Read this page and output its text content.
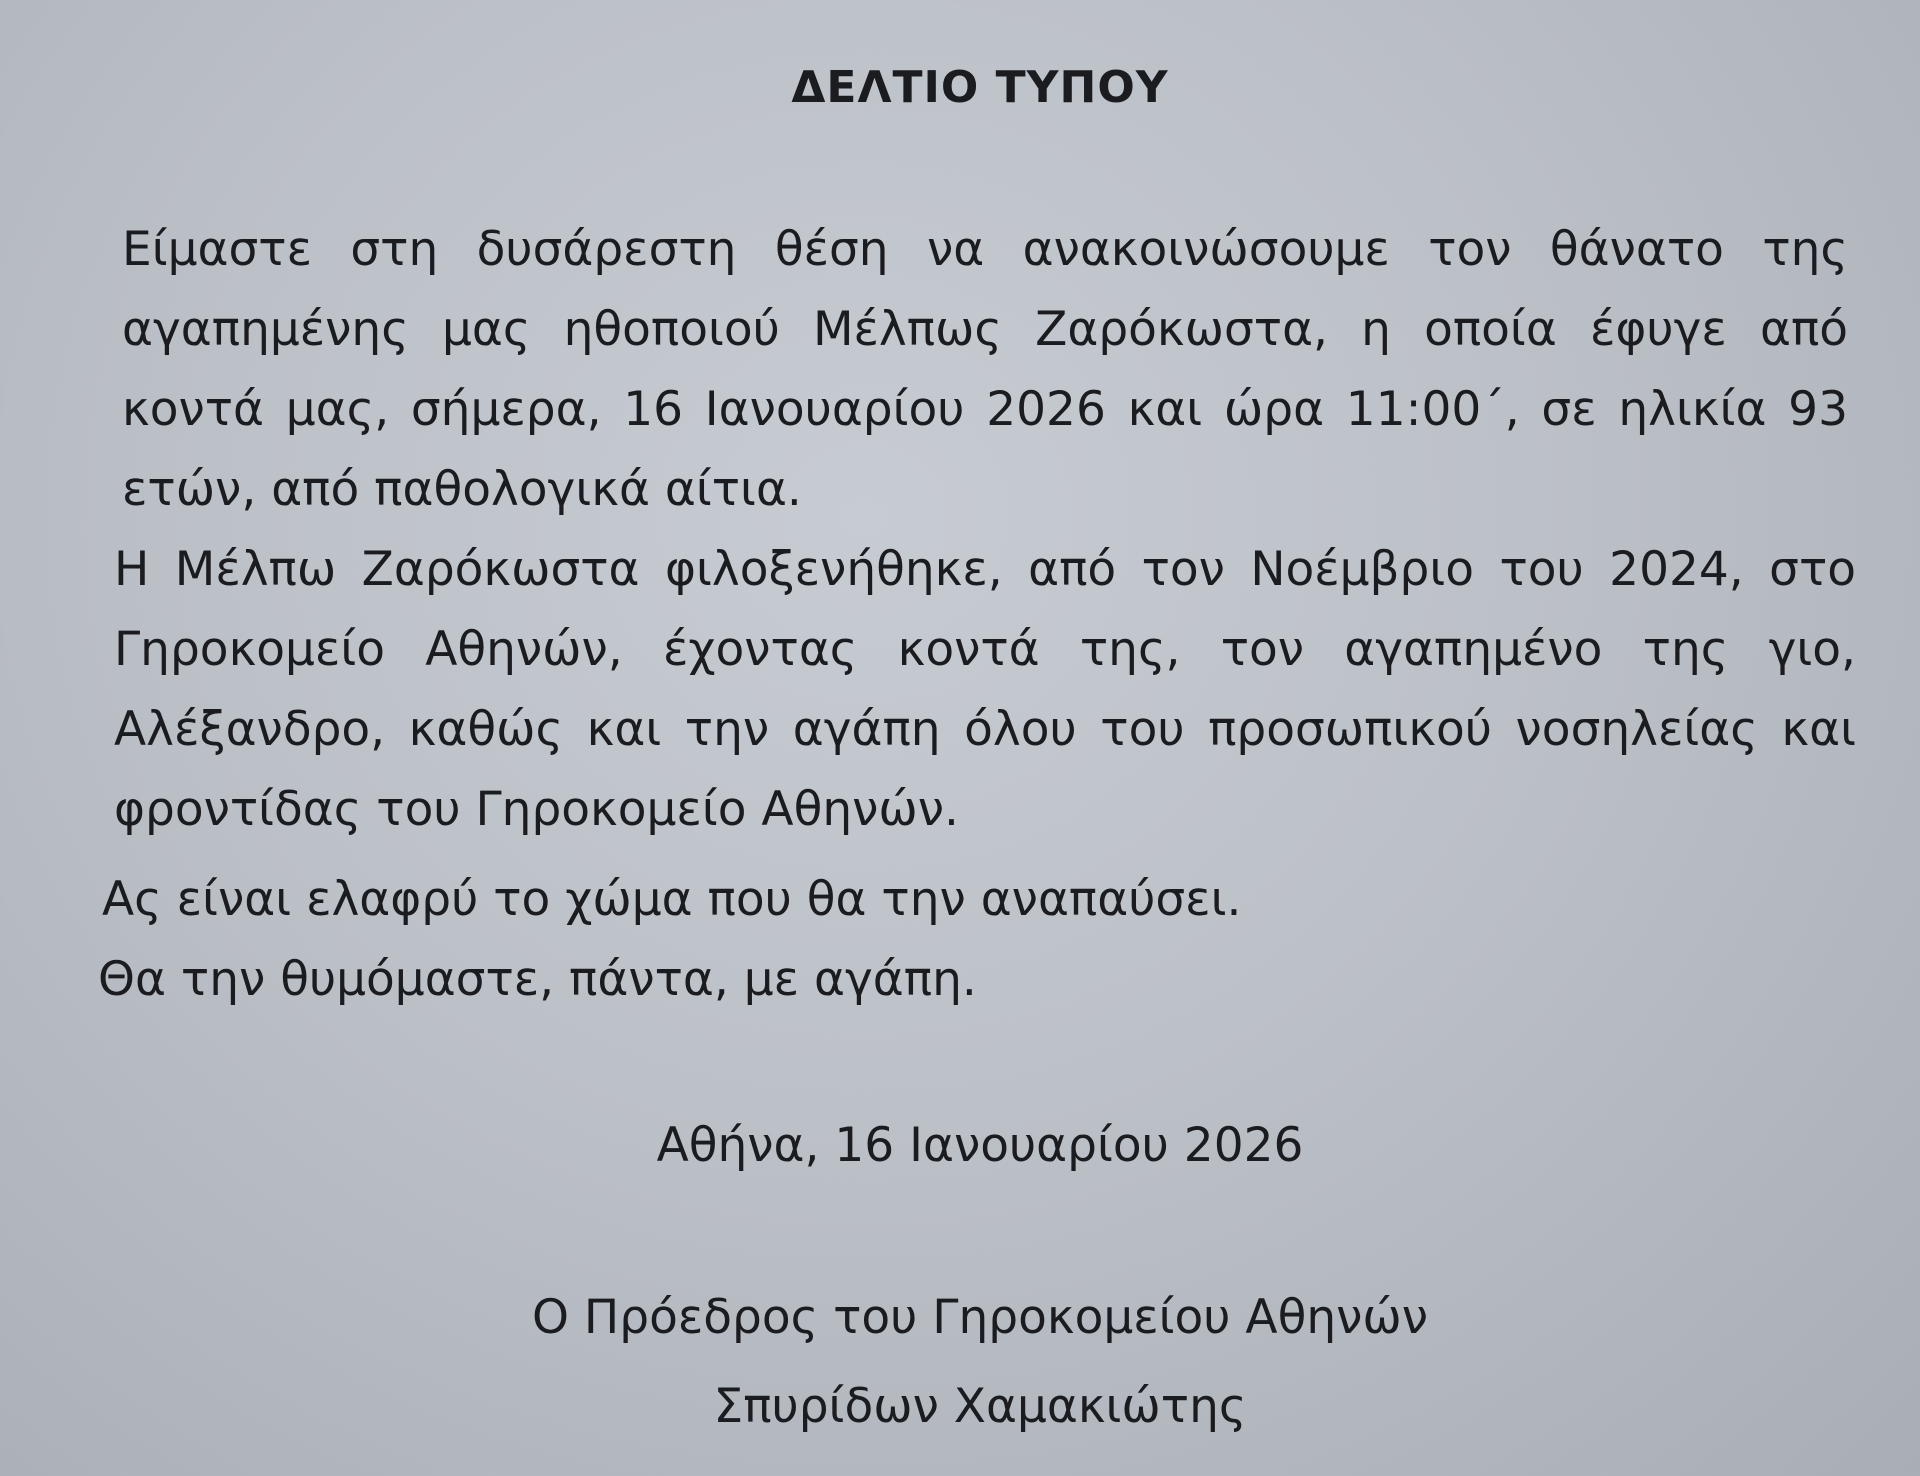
ΔΕΛΤΙΟ ΤΥΠΟΥ
Είμαστε στη δυσάρεστη θέση να ανακοινώσουμε τον θάνατο της
αγαπημένης μας ηθοποιού Μέλπως Ζαρόκωστα, η οποία έφυγε από
κοντά μας, σήμερα, 16 Ιανουαρίου 2026 και ώρα 11:00΄, σε ηλικία 93
ετών, από παθολογικά αίτια.
Η Μέλπω Ζαρόκωστα φιλοξενήθηκε, από τον Νοέμβριο του 2024, στο
Γηροκομείο Αθηνών, έχοντας κοντά της, τον αγαπημένο της γιο,
Αλέξανδρο, καθώς και την αγάπη όλου του προσωπικού νοσηλείας και
φροντίδας του Γηροκομείο Αθηνών.
Ας είναι ελαφρύ το χώμα που θα την αναπαύσει.
Θα την θυμόμαστε, πάντα, με αγάπη.
Αθήνα, 16 Ιανουαρίου 2026
Ο Πρόεδρος του Γηροκομείου Αθηνών
Σπυρίδων Χαμακιώτης
